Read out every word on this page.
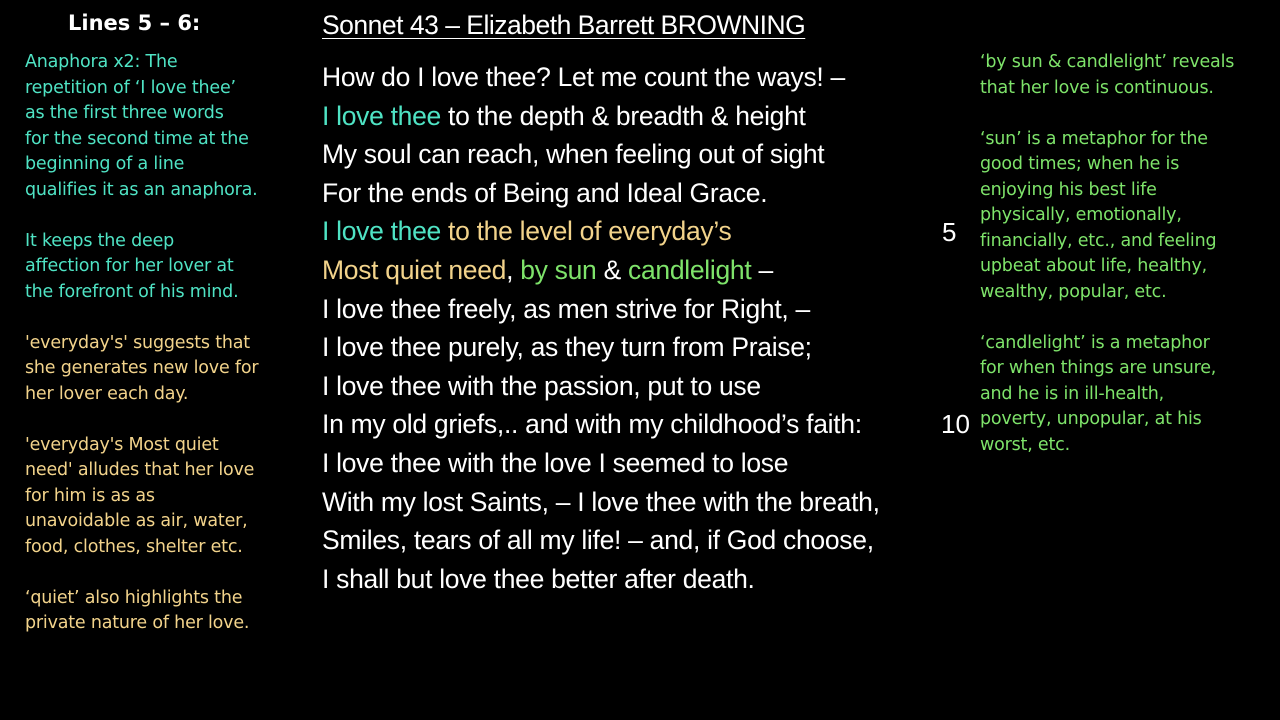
Lines 5 – 6:
Anaphora x2: The
repetition of ‘I love thee’
as the first three words
for the second time at the
beginning of a line
qualifies it as an anaphora.
It keeps the deep
affection for her lover at
the forefront of his mind.
'everyday's' suggests that
she generates new love for
her lover each day.
'everyday's Most quiet
need' alludes that her love
for him is as as
unavoidable as air, water,
food, clothes, shelter etc.
‘quiet’ also highlights the
private nature of her love.
Sonnet 43 – Elizabeth Barrett BROWNING
How do I love thee? Let me count the ways! –
I love thee to the depth & breadth & height
My soul can reach, when feeling out of sight
For the ends of Being and Ideal Grace.
I love thee to the level of everyday’s
Most quiet need, by sun & candlelight –
I love thee freely, as men strive for Right, –
I love thee purely, as they turn from Praise;
I love thee with the passion, put to use
In my old griefs,.. and with my childhood’s faith:
I love thee with the love I seemed to lose
With my lost Saints, – I love thee with the breath,
Smiles, tears of all my life! – and, if God choose,
I shall but love thee better after death.
5
10
‘by sun & candlelight’ reveals
that her love is continuous.
‘sun’ is a metaphor for the
good times; when he is
enjoying his best life
physically, emotionally,
financially, etc., and feeling
upbeat about life, healthy,
wealthy, popular, etc.
‘candlelight’ is a metaphor
for when things are unsure,
and he is in ill-health,
poverty, unpopular, at his
worst, etc.
